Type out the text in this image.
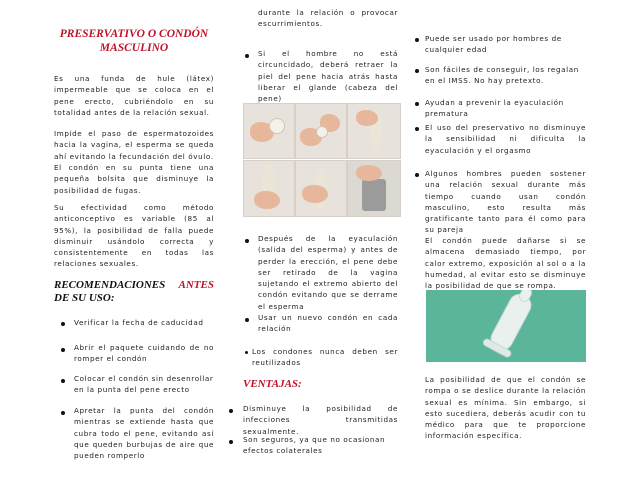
PRESERVATIVO O CONDÓN
MASCULINO
Es una funda de hule (látex) impermeable que se coloca en el pene erecto, cubriéndolo en su totalidad antes de la relación sexual.
Impide el paso de espermatozoides hacia la vagina, el esperma se queda ahí evitando la fecundación del óvulo.
El condón en su punta tiene una pequeña bolsita que disminuye la posibilidad de fugas.
Su efectividad como método anticonceptivo es variable (85 al 95%), la posibilidad de falla puede disminuir usándolo correcta y consistentemente en todas las relaciones sexuales.
RECOMENDACIONES ANTES
DE SU USO:
Verificar la fecha de caducidad
Abrir el paquete cuidando de no romper el condón
Colocar el condón sin desenrollar en la punta del pene erecto
Apretar la punta del condón mientras se extiende hasta que cubra todo el pene, evitando así que queden burbujas de aire que pueden romperlo
durante la relación o provocar escurrimientos.
Si el hombre no está circuncidado, deberá retraer la piel del pene hacia atrás hasta liberar el glande (cabeza del pene)
Después de la eyaculación (salida del esperma) y antes de perder la erección, el pene debe ser retirado de la vagina sujetando el extremo abierto del condón evitando que se derrame el esperma
Usar un nuevo condón en cada relación
Los condones nunca deben ser reutilizados
VENTAJAS:
Disminuye la posibilidad de infecciones transmitidas sexualmente.
Son seguros, ya que no ocasionan efectos colaterales
Puede ser usado por hombres de cualquier edad
Son fáciles de conseguir, los regalan en el IMSS. No hay pretexto.
Ayudan a prevenir la eyaculación prematura
El uso del preservativo no disminuye la sensibilidad ni dificulta la eyaculación y el orgasmo
Algunos hombres pueden sostener una relación sexual durante más tiempo cuando usan condón masculino, esto resulta más gratificante tanto para él como para su pareja
El condón puede dañarse si se almacena demasiado tiempo, por calor extremo, exposición al sol o a la humedad, al evitar esto se disminuye la posibilidad de que se rompa.
La posibilidad de que el condón se rompa o se deslice durante la relación sexual es mínima. Sin embargo, si esto sucediera, deberás acudir con tu médico para que te proporcione información específica.
